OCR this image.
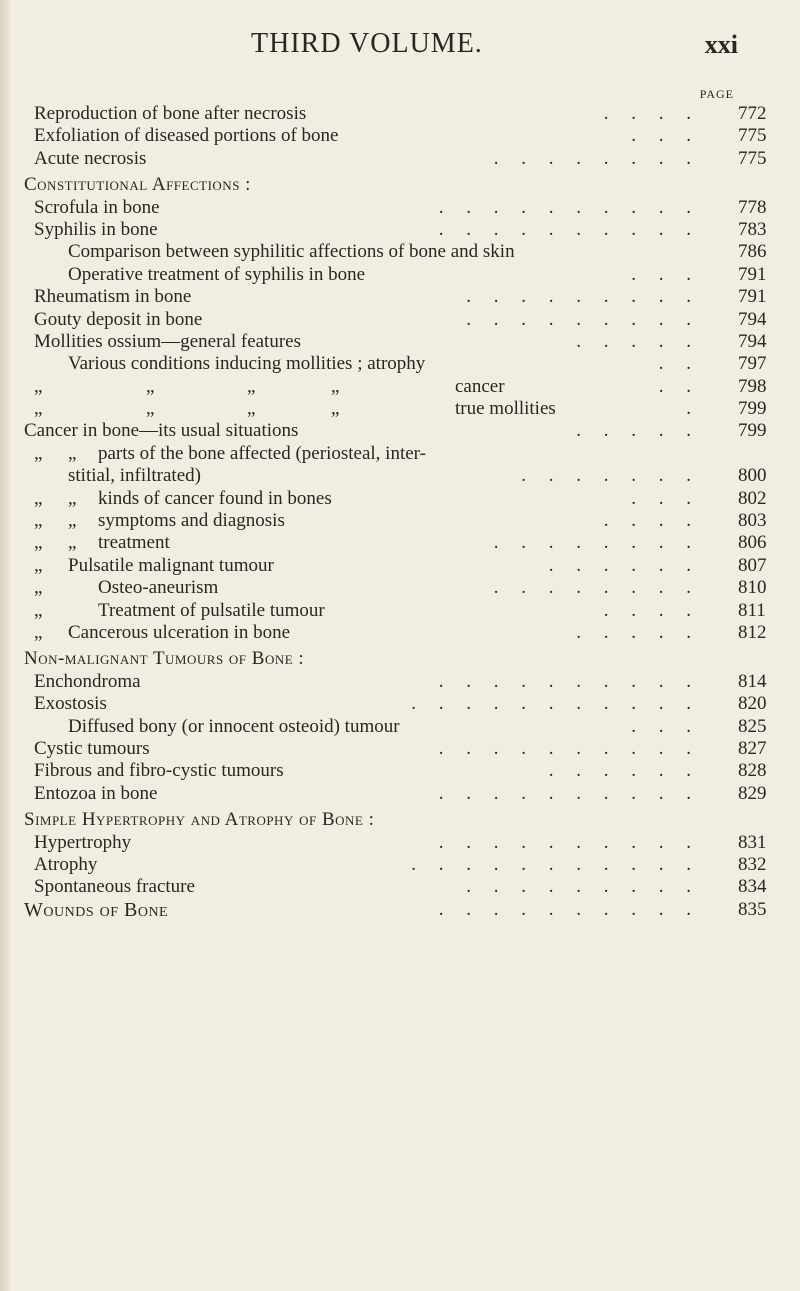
THIRD VOLUME.	xxi
PAGE
Reproduction of bone after necrosis	. . . . 772
Exfoliation of diseased portions of bone	. . . 775
Acute necrosis	. . . . . . . . 775
Constitutional Affections :
Scrofula in bone	. . . . . . . . . . 778
Syphilis in bone	. . . . . . . . . . 783
Comparison between syphilitic affections of bone and skin	786
Operative treatment of syphilis in bone	. . . 791
Rheumatism in bone	. . . . . . . . . 791
Gouty deposit in bone	. . . . . . . . . 794
Mollities ossium—general features	. . . . . 794
Various conditions inducing mollities ; atrophy	. . 797
„	„	„	„	cancer	. . 798
„	„	„	„	true mollities	. 799
Cancer in bone—its usual situations	. . . . . 799
„ „ parts of the bone affected (periosteal, inter-
stitial, infiltrated)	. . . . . . . 800
„ „ kinds of cancer found in bones	. . . 802
„ „ symptoms and diagnosis	. . . . 803
„ „ treatment	. . . . . . . . 806
„ Pulsatile malignant tumour	. . . . . . 807
„	Osteo-aneurism	. . . . . . . . 810
„	Treatment of pulsatile tumour	. . . . 811
„ Cancerous ulceration in bone	. . . . . 812
Non-malignant Tumours of Bone :
Enchondroma	. . . . . . . . . . 814
Exostosis	. . . . . . . . . . . 820
Diffused bony (or innocent osteoid) tumour	. . . 825
Cystic tumours	. . . . . . . . . . 827
Fibrous and fibro-cystic tumours	. . . . . . 828
Entozoa in bone	. . . . . . . . . . 829
Simple Hypertrophy and Atrophy of Bone :
Hypertrophy	. . . . . . . . . . 831
Atrophy	. . . . . . . . . . . 832
Spontaneous fracture	. . . . . . . . . 834
Wounds of Bone	. . . . . . . . . . 835
